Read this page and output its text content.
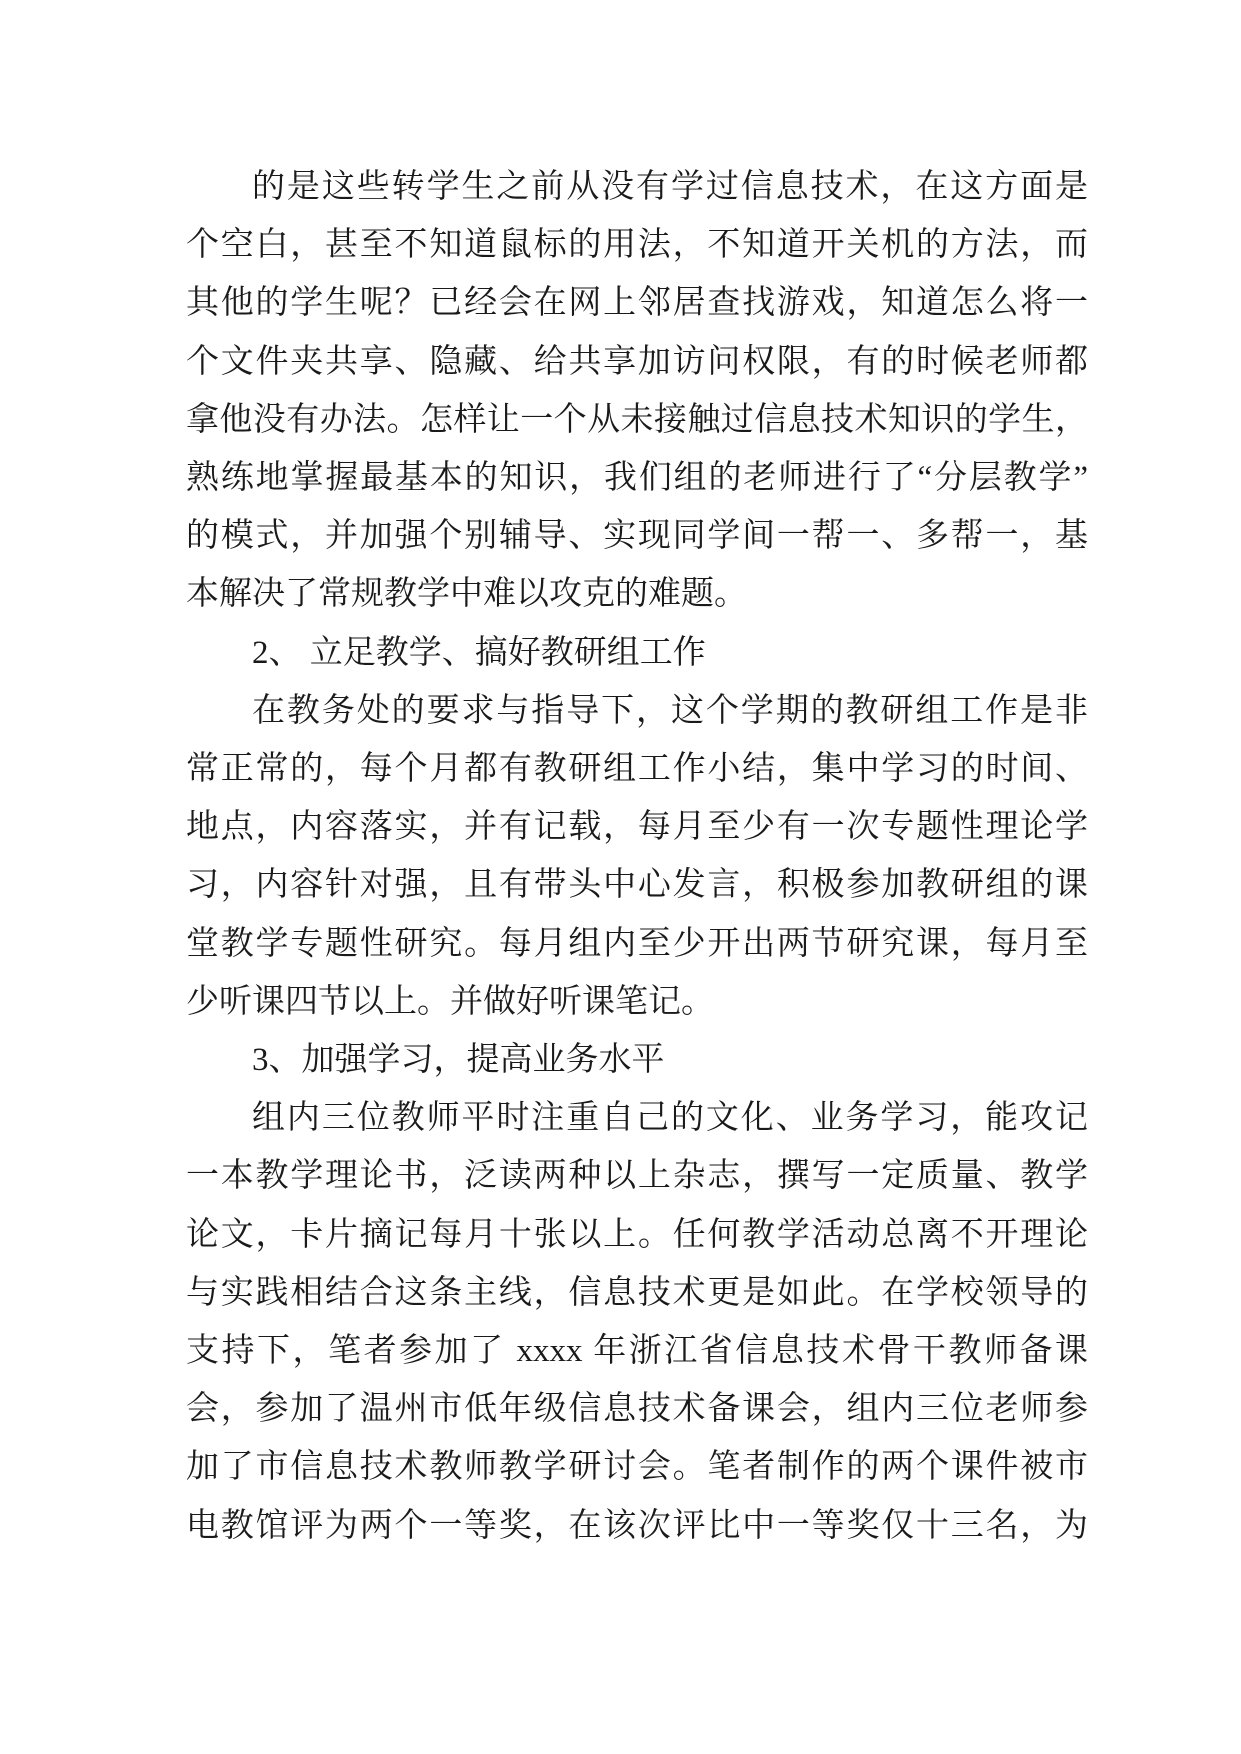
的是这些转学生之前从没有学过信息技术，在这方面是
个空白，甚至不知道鼠标的用法，不知道开关机的方法，而
其他的学生呢？已经会在网上邻居查找游戏，知道怎么将一
个文件夹共享、隐藏、给共享加访问权限，有的时候老师都
拿他没有办法。怎样让一个从未接触过信息技术知识的学生，
熟练地掌握最基本的知识，我们组的老师进行了“分层教学”
的模式，并加强个别辅导、实现同学间一帮一、多帮一，基
本解决了常规教学中难以攻克的难题。
2、 立足教学、搞好教研组工作
在教务处的要求与指导下，这个学期的教研组工作是非
常正常的，每个月都有教研组工作小结，集中学习的时间、
地点，内容落实，并有记载，每月至少有一次专题性理论学
习，内容针对强，且有带头中心发言，积极参加教研组的课
堂教学专题性研究。每月组内至少开出两节研究课，每月至
少听课四节以上。并做好听课笔记。
3、加强学习，提高业务水平
组内三位教师平时注重自己的文化、业务学习，能攻记
一本教学理论书，泛读两种以上杂志，撰写一定质量、教学
论文，卡片摘记每月十张以上。任何教学活动总离不开理论
与实践相结合这条主线，信息技术更是如此。在学校领导的
支持下，笔者参加了 xxxx 年浙江省信息技术骨干教师备课
会，参加了温州市低年级信息技术备课会，组内三位老师参
加了市信息技术教师教学研讨会。笔者制作的两个课件被市
电教馆评为两个一等奖，在该次评比中一等奖仅十三名，为
